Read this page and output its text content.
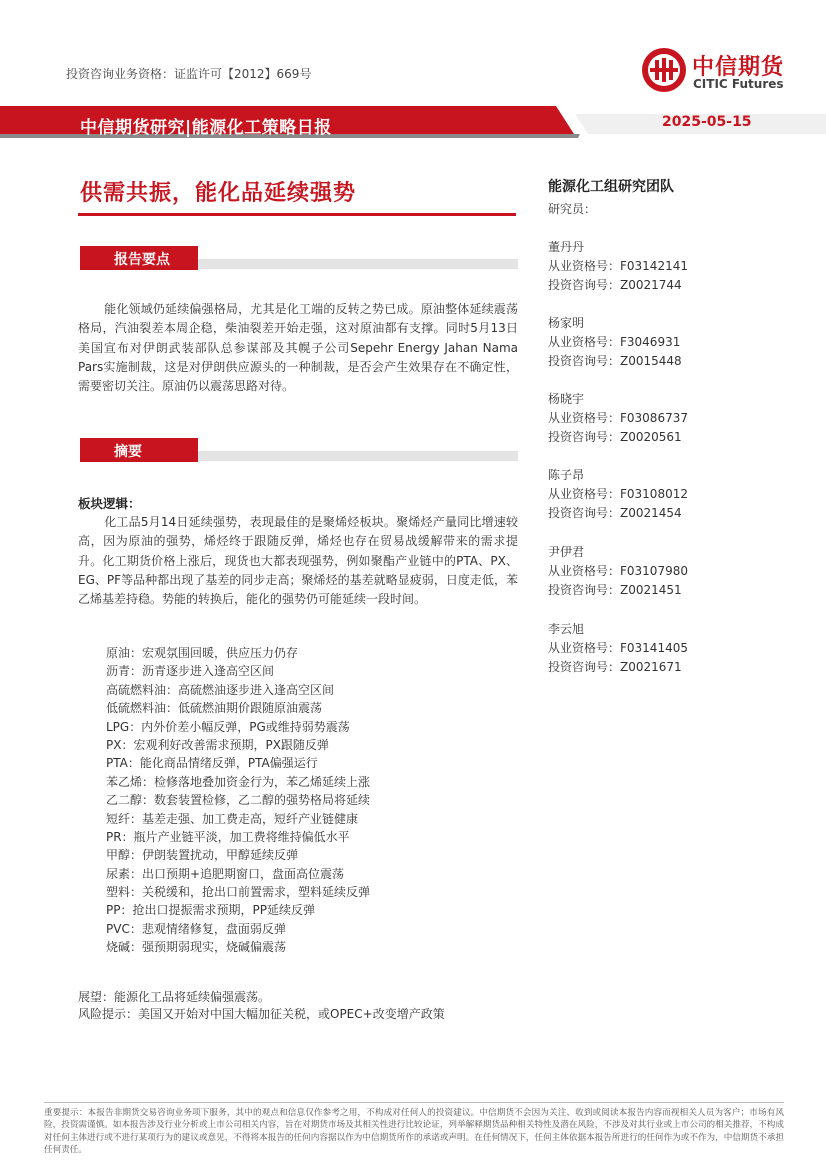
投资咨询业务资格：证监许可【2012】669号	中信期货
CITIC Futures
中信期货研究|能源化工策略日报	2025-05-15
供需共振，能化品延续强势
报告要点
能化领域仍延续偏强格局，尤其是化工端的反转之势已成。原油整体延续震荡格局，汽油裂差本周企稳，柴油裂差开始走强，这对原油都有支撑。同时5月13日美国宣布对伊朗武装部队总参谋部及其幌子公司Sepehr Energy Jahan Nama Pars实施制裁，这是对伊朗供应源头的一种制裁，是否会产生效果存在不确定性，需要密切关注。原油仍以震荡思路对待。
摘要
板块逻辑：
化工品5月14日延续强势，表现最佳的是聚烯烃板块。聚烯烃产量同比增速较高，因为原油的强势，烯烃终于跟随反弹，烯烃也存在贸易战缓解带来的需求提升。化工期货价格上涨后，现货也大都表现强势，例如聚酯产业链中的PTA、PX、EG、PF等品种都出现了基差的同步走高；聚烯烃的基差就略显疲弱，日度走低，苯乙烯基差持稳。势能的转换后，能化的强势仍可能延续一段时间。
原油：宏观氛围回暖，供应压力仍存
沥青：沥青逐步进入逢高空区间
高硫燃料油：高硫燃油逐步进入逢高空区间
低硫燃料油：低硫燃油期价跟随原油震荡
LPG：内外价差小幅反弹，PG或维持弱势震荡
PX：宏观利好改善需求预期，PX跟随反弹
PTA：能化商品情绪反弹，PTA偏强运行
苯乙烯：检修落地叠加资金行为，苯乙烯延续上涨
乙二醇：数套装置检修，乙二醇的强势格局将延续
短纤：基差走强、加工费走高，短纤产业链健康
PR：瓶片产业链平淡，加工费将维持偏低水平
甲醇：伊朗装置扰动，甲醇延续反弹
尿素：出口预期+追肥期窗口，盘面高位震荡
塑料：关税缓和，抢出口前置需求，塑料延续反弹
PP：抢出口提振需求预期，PP延续反弹
PVC：悲观情绪修复，盘面弱反弹
烧碱：强预期弱现实，烧碱偏震荡
展望：能源化工品将延续偏强震荡。
风险提示：美国又开始对中国大幅加征关税，或OPEC+改变增产政策
能源化工组研究团队
研究员：
董丹丹
从业资格号：F03142141
投资咨询号：Z0021744
杨家明
从业资格号：F3046931
投资咨询号：Z0015448
杨晓宇
从业资格号：F03086737
投资咨询号：Z0020561
陈子昂
从业资格号：F03108012
投资咨询号：Z0021454
尹伊君
从业资格号：F03107980
投资咨询号：Z0021451
李云旭
从业资格号：F03141405
投资咨询号：Z0021671
重要提示：本报告非期货交易咨询业务项下服务，其中的观点和信息仅作参考之用，不构成对任何人的投资建议。中信期货不会因为关注、收到或阅读本报告内容而视相关人员为客户；市场有风险，投资需谨慎。如本报告涉及行业分析或上市公司相关内容，旨在对期货市场及其相关性进行比较论证，列举解释期货品种相关特性及潜在风险，不涉及对其行业或上市公司的相关推荐，不构成对任何主体进行或不进行某项行为的建议或意见，不得将本报告的任何内容据以作为中信期货所作的承诺或声明。在任何情况下，任何主体依据本报告所进行的任何作为或不作为，中信期货不承担任何责任。
